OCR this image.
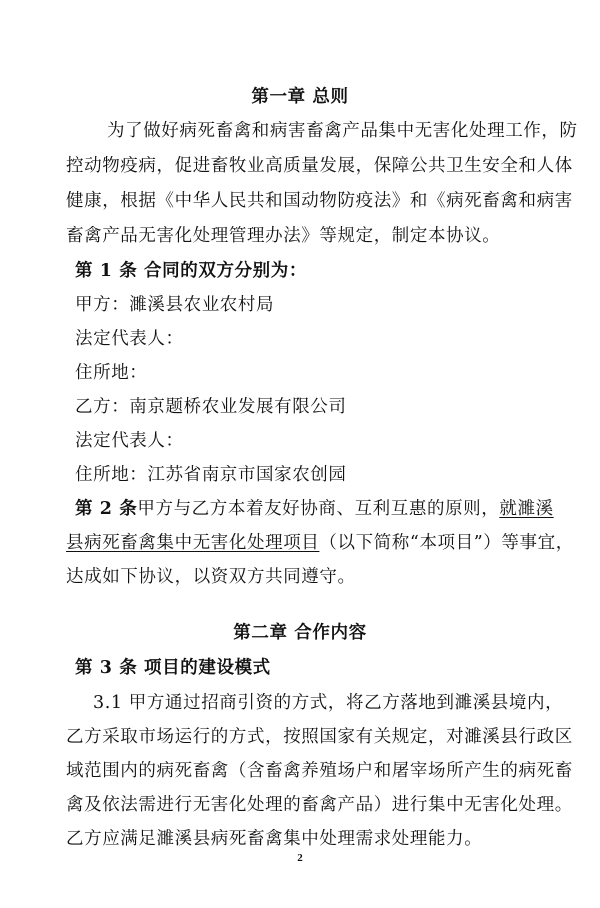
第一章 总则
为了做好病死畜禽和病害畜禽产品集中无害化处理工作，防
控动物疫病，促进畜牧业高质量发展，保障公共卫生安全和人体
健康，根据《中华人民共和国动物防疫法》和《病死畜禽和病害
畜禽产品无害化处理管理办法》等规定，制定本协议。
第 1 条 合同的双方分别为：
甲方：濉溪县农业农村局
法定代表人：
住所地：
乙方：南京题桥农业发展有限公司
法定代表人：
住所地：江苏省南京市国家农创园
第 2 条甲方与乙方本着友好协商、互利互惠的原则，就濉溪
县病死畜禽集中无害化处理项目（以下简称“本项目”）等事宜，
达成如下协议，以资双方共同遵守。
第二章 合作内容
第 3 条 项目的建设模式
3.1 甲方通过招商引资的方式，将乙方落地到濉溪县境内，
乙方采取市场运行的方式，按照国家有关规定，对濉溪县行政区
域范围内的病死畜禽（含畜禽养殖场户和屠宰场所产生的病死畜
禽及依法需进行无害化处理的畜禽产品）进行集中无害化处理。
乙方应满足濉溪县病死畜禽集中处理需求处理能力。
2
